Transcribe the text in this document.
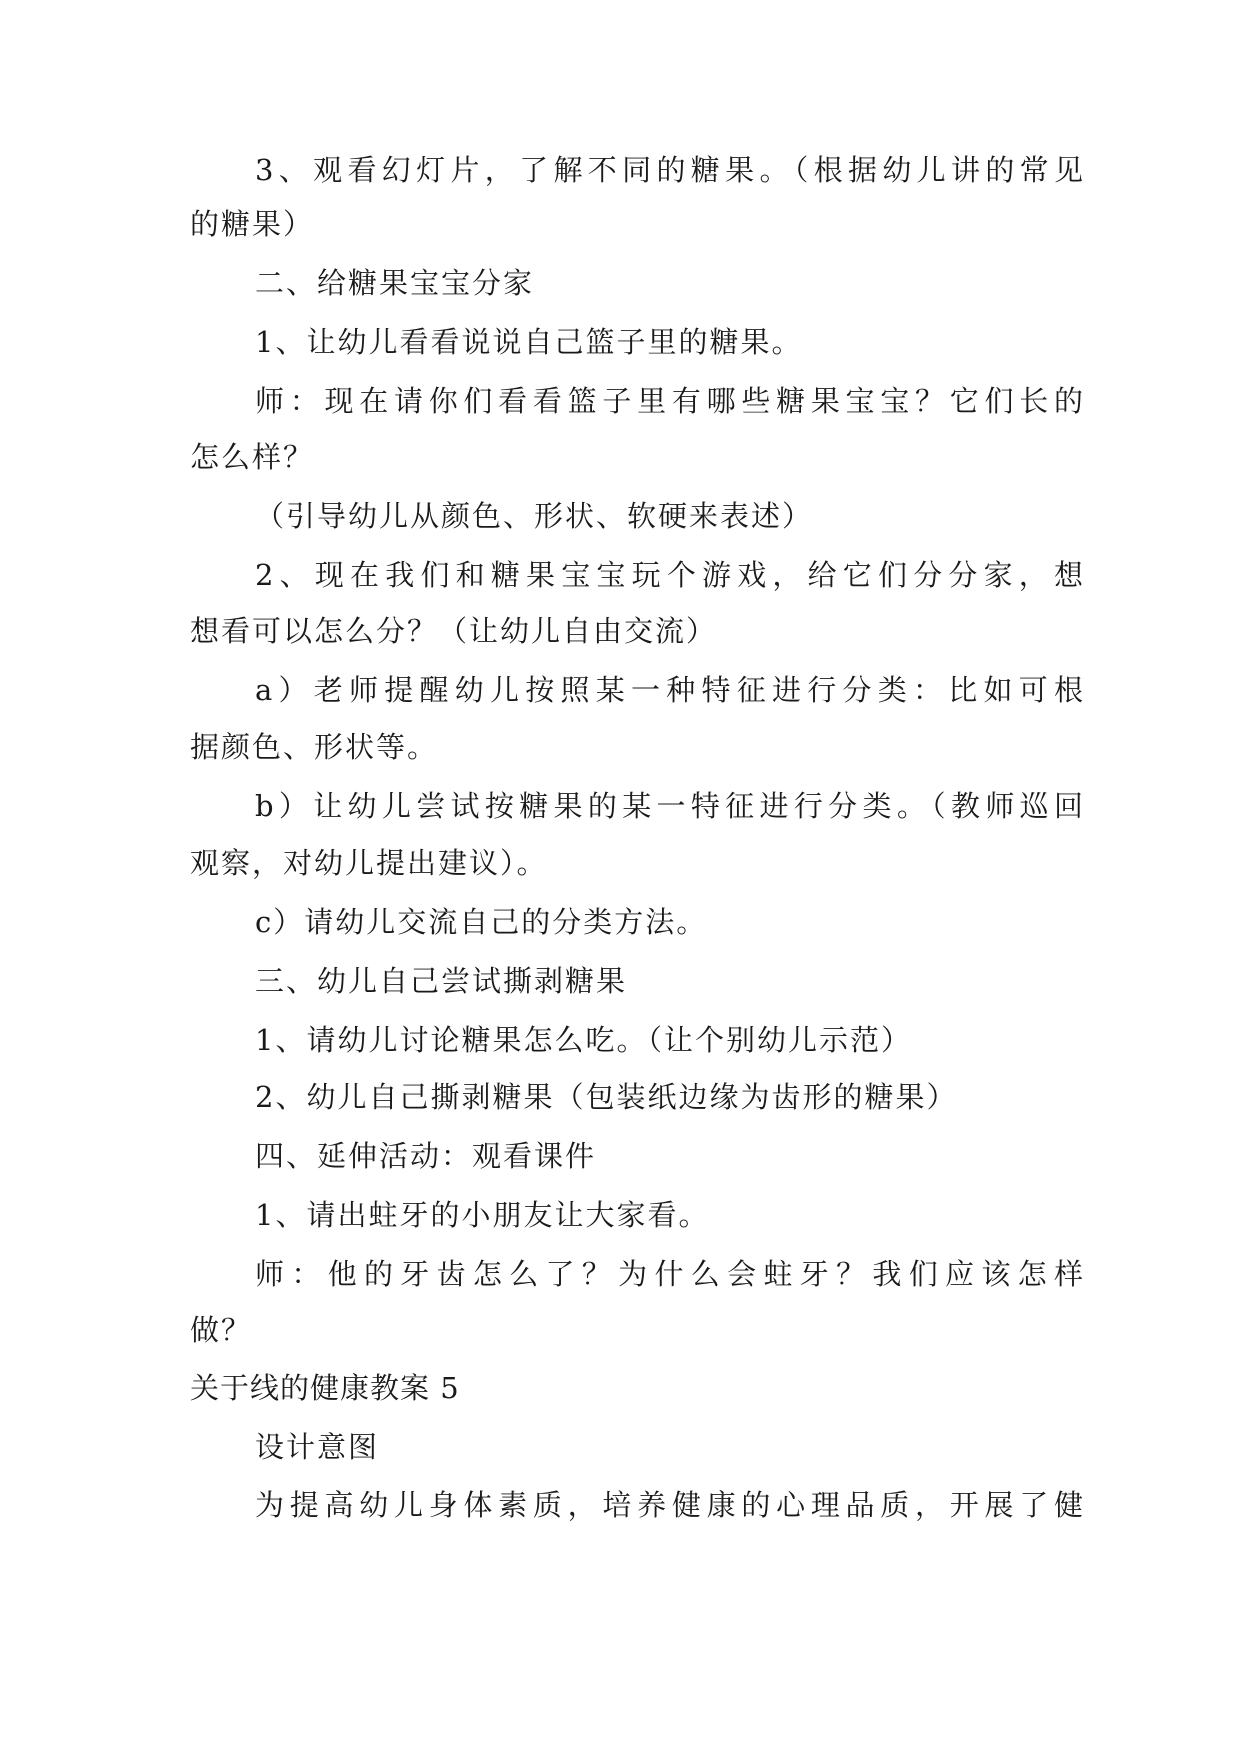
3、观看幻灯片，了解不同的糖果。（根据幼儿讲的常见
的糖果）
二、给糖果宝宝分家
1、让幼儿看看说说自己篮子里的糖果。
师：现在请你们看看篮子里有哪些糖果宝宝？它们长的
怎么样？
（引导幼儿从颜色、形状、软硬来表述）
2、现在我们和糖果宝宝玩个游戏，给它们分分家，想
想看可以怎么分？（让幼儿自由交流）
a）老师提醒幼儿按照某一种特征进行分类：比如可根
据颜色、形状等。
b）让幼儿尝试按糖果的某一特征进行分类。（教师巡回
观察，对幼儿提出建议）。
c）请幼儿交流自己的分类方法。
三、幼儿自己尝试撕剥糖果
1、请幼儿讨论糖果怎么吃。（让个别幼儿示范）
2、幼儿自己撕剥糖果（包装纸边缘为齿形的糖果）
四、延伸活动：观看课件
1、请出蛀牙的小朋友让大家看。
师：他的牙齿怎么了？为什么会蛀牙？我们应该怎样
做？
关于线的健康教案 5
设计意图
为提高幼儿身体素质，培养健康的心理品质，开展了健
